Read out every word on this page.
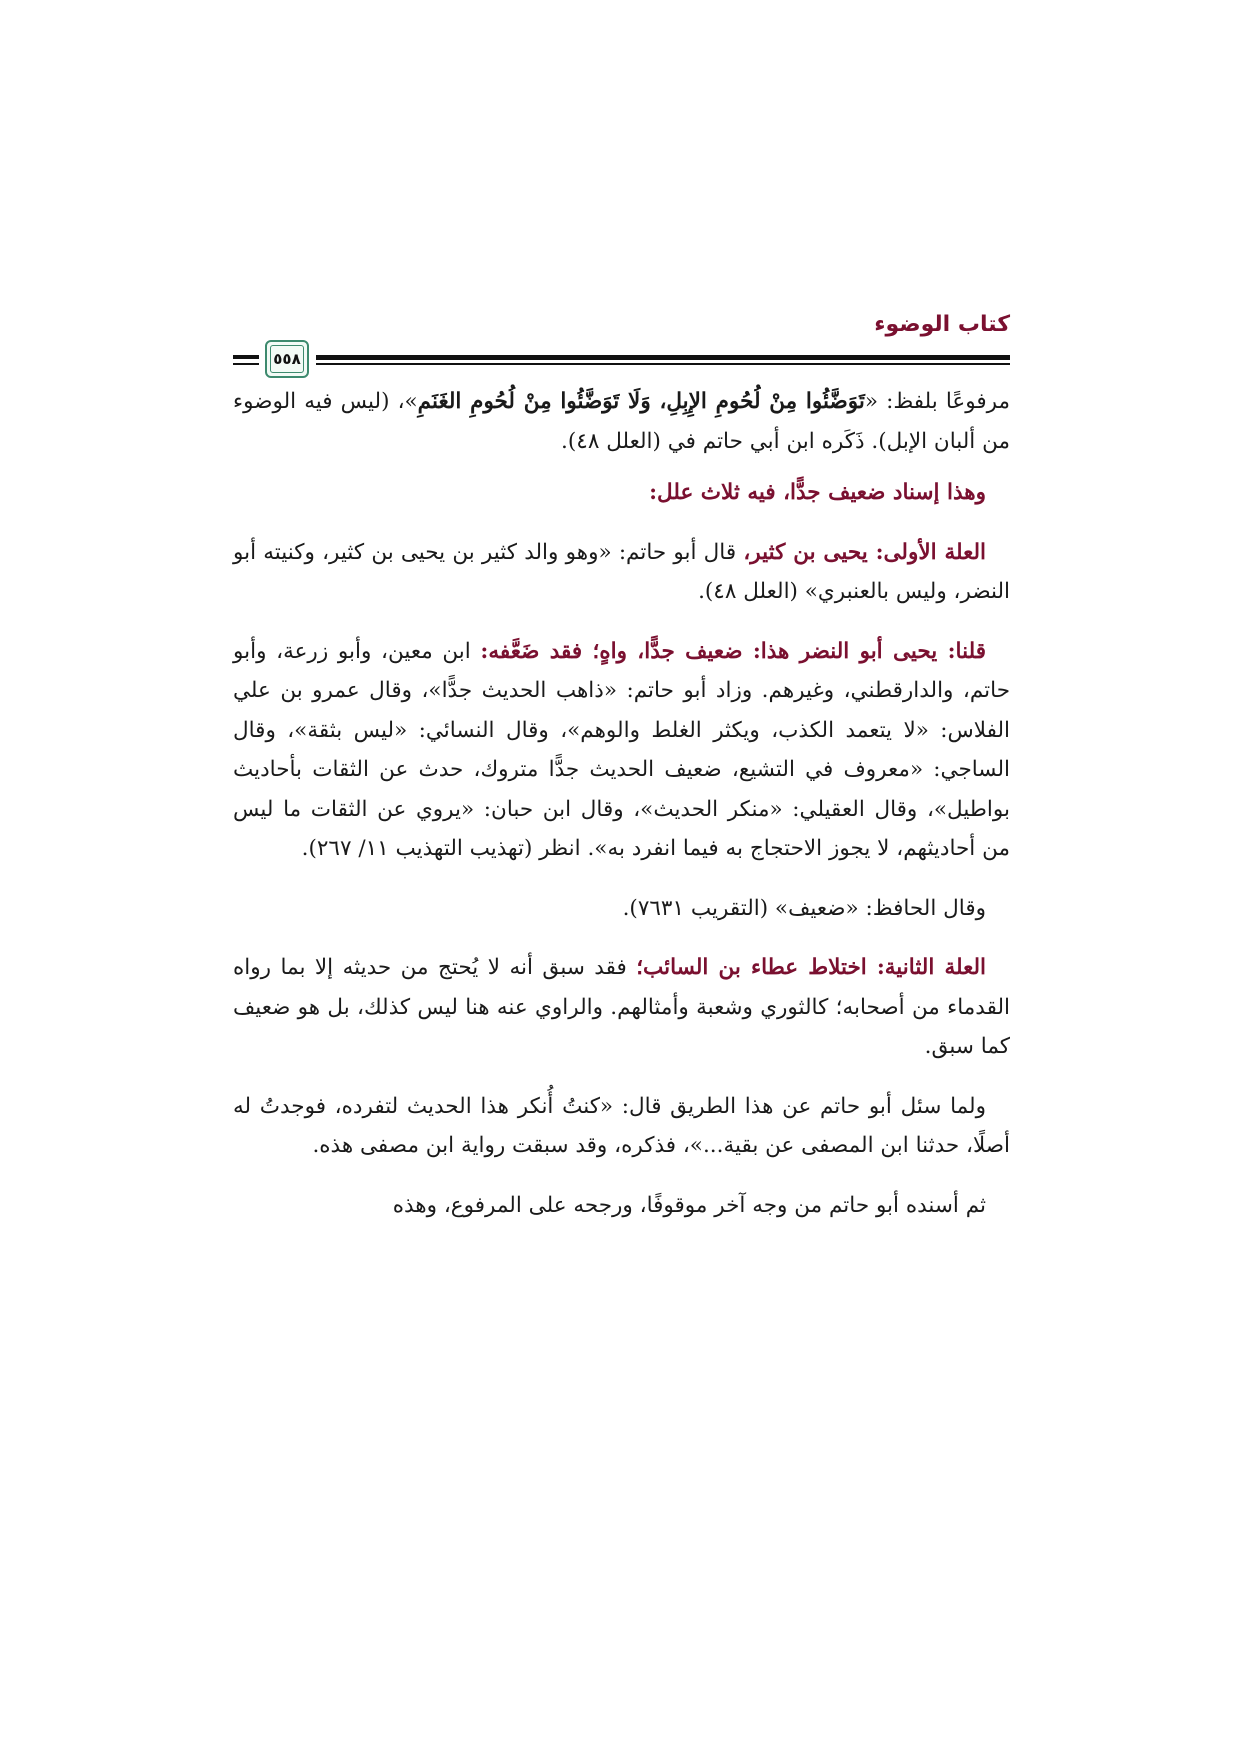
كتاب الوضوء
٥٥٨

مرفوعًا بلفظ: «تَوَضَّئُوا مِنْ لُحُومِ الإِبِلِ، وَلَا تَوَضَّئُوا مِنْ لُحُومِ الغَنَمِ»، (ليس فيه الوضوء من ألبان الإبل). ذَكَره ابن أبي حاتم في (العلل ٤٨).

وهذا إسناد ضعيف جدًّا، فيه ثلاث علل:

العلة الأولى: يحيى بن كثير، قال أبو حاتم: «وهو والد كثير بن يحيى بن كثير، وكنيته أبو النضر، وليس بالعنبري» (العلل ٤٨).

قلنا: يحيى أبو النضر هذا: ضعيف جدًّا، واهٍ؛ فقد ضَعَّفه: ابن معين، وأبو زرعة، وأبو حاتم، والدارقطني، وغيرهم. وزاد أبو حاتم: «ذاهب الحديث جدًّا»، وقال عمرو بن علي الفلاس: «لا يتعمد الكذب، ويكثر الغلط والوهم»، وقال النسائي: «ليس بثقة»، وقال الساجي: «معروف في التشيع، ضعيف الحديث جدًّا متروك، حدث عن الثقات بأحاديث بواطيل»، وقال العقيلي: «منكر الحديث»، وقال ابن حبان: «يروي عن الثقات ما ليس من أحاديثهم، لا يجوز الاحتجاج به فيما انفرد به». انظر (تهذيب التهذيب ١١/ ٢٦٧).

وقال الحافظ: «ضعيف» (التقريب ٧٦٣١).

العلة الثانية: اختلاط عطاء بن السائب؛ فقد سبق أنه لا يُحتج من حديثه إلا بما رواه القدماء من أصحابه؛ كالثوري وشعبة وأمثالهم. والراوي عنه هنا ليس كذلك، بل هو ضعيف كما سبق.

ولما سئل أبو حاتم عن هذا الطريق قال: «كنتُ أُنكر هذا الحديث لتفرده، فوجدتُ له أصلًا، حدثنا ابن المصفى عن بقية...»، فذكره، وقد سبقت رواية ابن مصفى هذه.

ثم أسنده أبو حاتم من وجه آخر موقوفًا، ورجحه على المرفوع، وهذه
